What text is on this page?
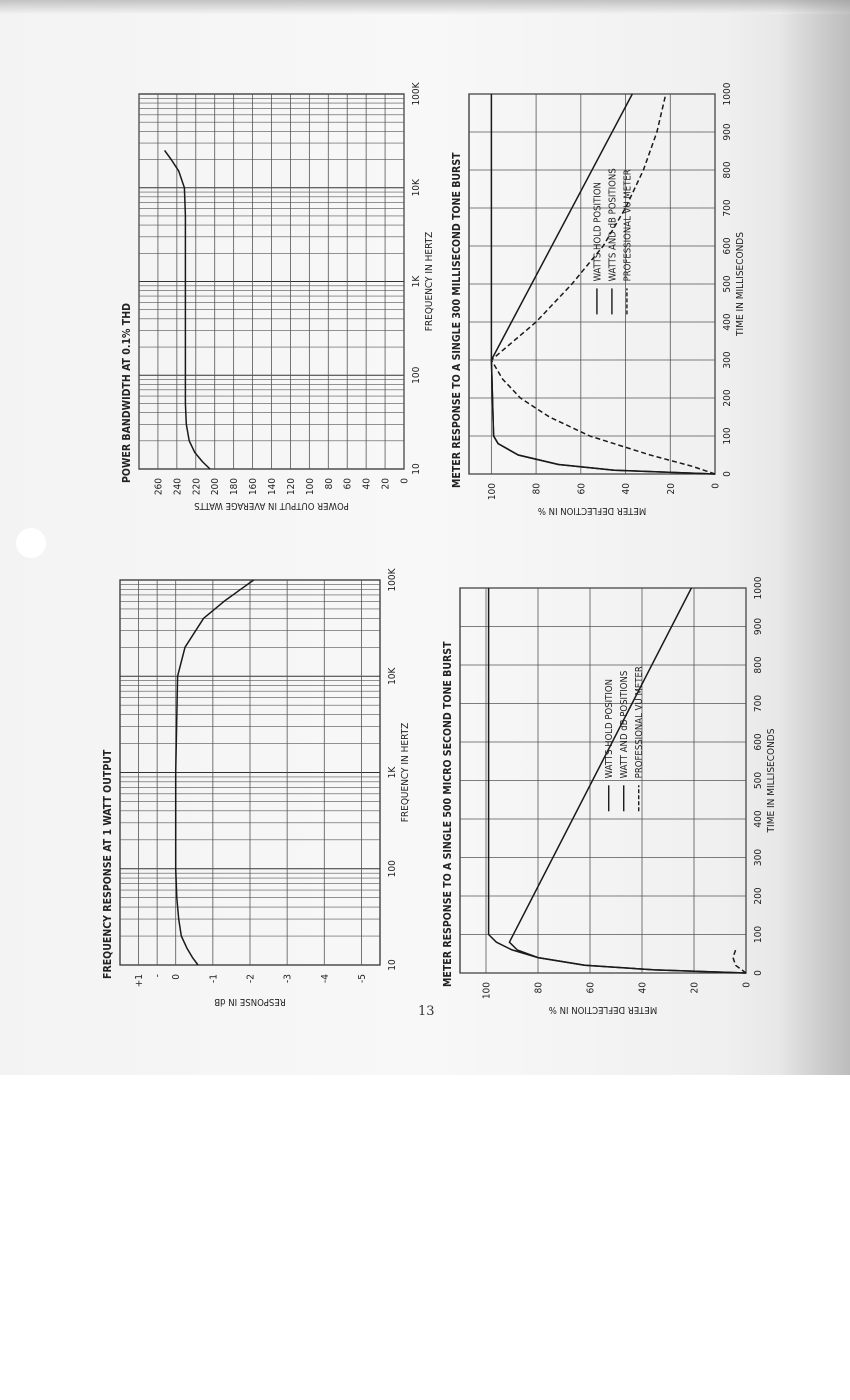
10
100
1K
10K
100K
0
20
40
60
80
100
120
140
160
180
200
220
240
260
POWER BANDWIDTH AT 0.1% THD
FREQUENCY IN HERTZ
POWER OUTPUT IN AVERAGE WATTS
10
100
1K
10K
100K
+1 - 0	-1	-2	-3	-4	-5
FREQUENCY RESPONSE AT 1 WATT OUTPUT	FREQUENCY IN HERTZ
RESPONSE IN dB
0
100
200
300
400
500
600
700
800
900
1000
0
20
40
60
80
100
METER RESPONSE TO A SINGLE 300 MILLISECOND TONE BURST	TIME IN MILLISECONDS
METER DEFLECTION IN %
WATTS HOLD POSITION WATTS AND dB POSITIONS PROFESSIONAL VU METER
0
100
200
300
400
500
600
700
800
900
1000
0
20
40
60
80
100
METER RESPONSE TO A SINGLE 500 MICRO SECOND TONE BURST	TIME IN MILLISECONDS
METER DEFLECTION IN %
WATTS HOLD POSITION WATT AND dB POSITIONS PROFESSIONAL VU METER
13
